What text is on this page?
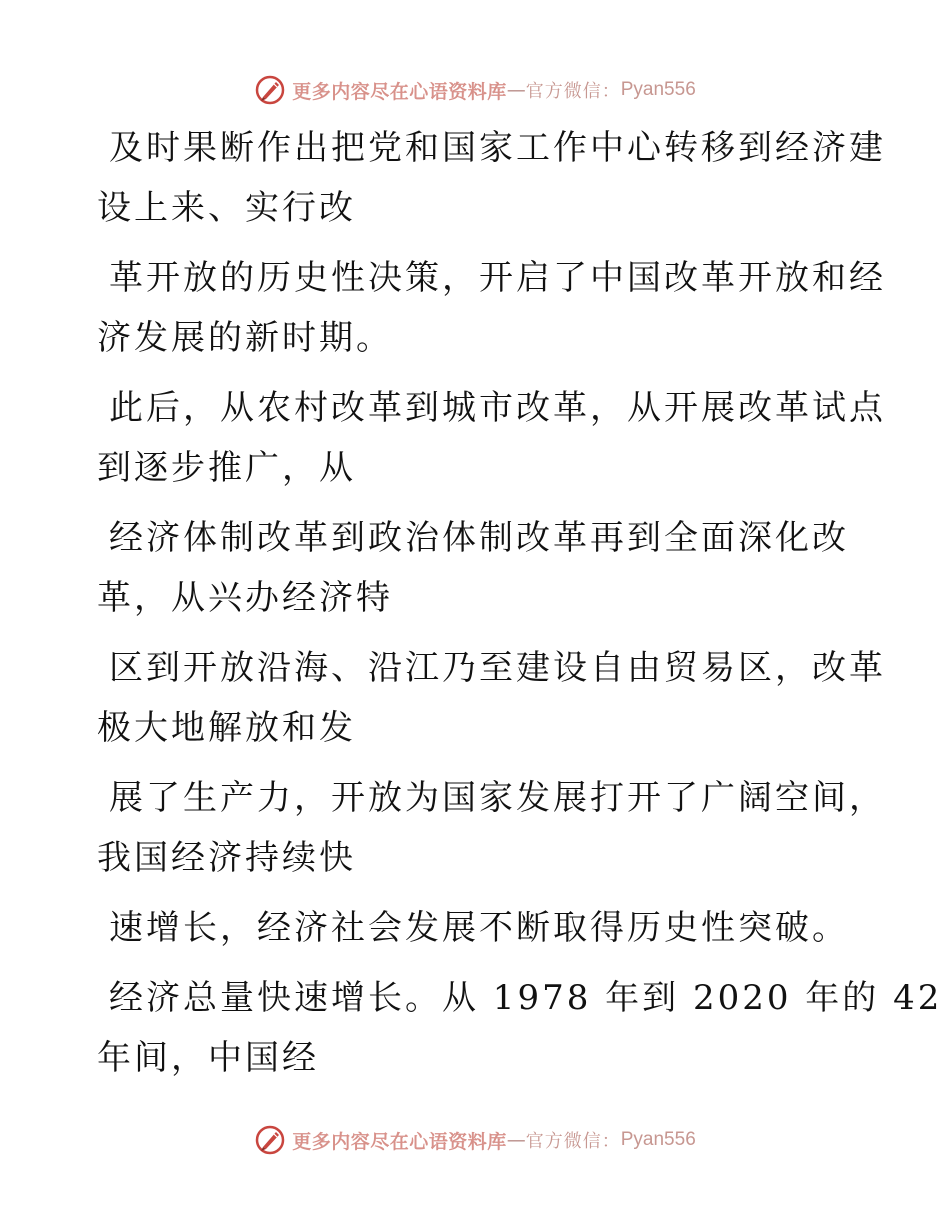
更多内容尽在心语资料库 — 官方微信： Pyan556

及时果断作出把党和国家工作中心转移到经济建
设上来、实行改

革开放的历史性决策，开启了中国改革开放和经
济发展的新时期。

此后，从农村改革到城市改革，从开展改革试点
到逐步推广，从

经济体制改革到政治体制改革再到全面深化改
革，从兴办经济特

区到开放沿海、沿江乃至建设自由贸易区，改革
极大地解放和发

展了生产力，开放为国家发展打开了广阔空间，
我国经济持续快

速增长，经济社会发展不断取得历史性突破。

经济总量快速增长。从 1978 年到 2020 年的 42
年间，中国经

更多内容尽在心语资料库 — 官方微信： Pyan556
